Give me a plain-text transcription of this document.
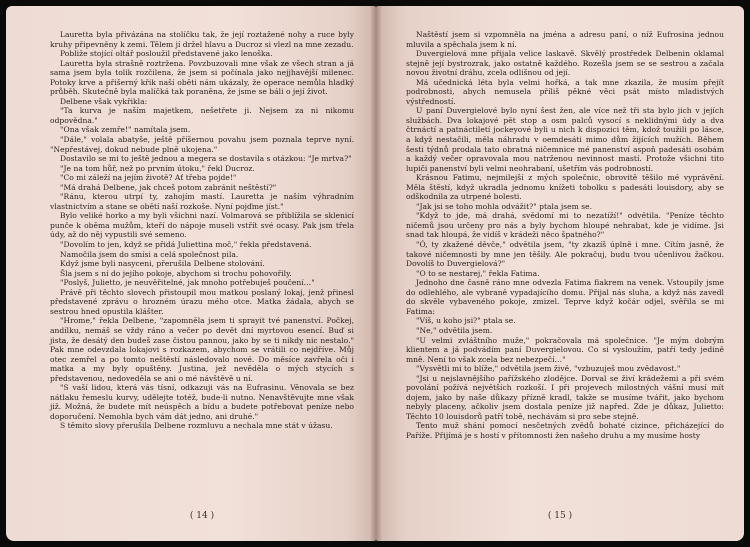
Lauretta byla přivázána na stolíčku tak, že její roztažené nohy a ruce byly kruhy připevněny k zemi. Tělem jí držel hlavu a Ducroz si vlezl na mne zezadu.

Pobliže stojící oltář posloužil představené jako lenoška.

Lauretta byla strašně roztržena. Povzbuzovali mne však ze všech stran a já sama jsem byla tolik rozčilena, že jsem si počínala jako nejjhavější milenec. Potoky krve a přišerný křik naší oběti nám ukázaly, že operace nemůla hladký průběh. Skutečně byla malíčká tak poraněna, že jsme se báli o její život.

Delbene však vykřikla:

"Ta kurva je naším majetkem, nešetřete ji. Nejsem za ni nikomu odpovědna."

"Ona však zemře!" namítala jsem.

"Dále," volala abatyše, ještě příšernou povahu jsem poznala teprve nyní. "Nepřestávej, dokud nebude plně ukojena."

Dostavilo se mi to ještě jednou a megera se dostavila s otázkou: "Je mrtva?"

"Je na tom hůř, než po prvním útoku," řekl Ducroz.

"Co mi záleží na jejím životě? Ať třeba pojde!"

"Má drahá Delbene, jak chceš potom zabránit neštěstí?"

"Ránu, kterou utrpí ty, zahojím mastí. Lauretta je naším výhradním vlastnictvím a stane se obětí naší rozkoše. Nyní pojďme jíst."

Bylo veliké horko a my byli všichni nazí. Volmarová se přiblížila se sklenicí punče k oběma mužům, kteří do nápoje museli vstřít své ocasy. Pak jsm třela údy, až do něj vypustili své semeno.

"Dovolím to jen, když se přidá Juliettina moč," řekla představená.

Namočila jsem do smísi a celá společnost pila.

Když jsme byli nasyceni, přerušila Delbene stolování.

Šla jsem s ní do jejího pokoje, abychom si trochu pohovořily.

"Poslyš, Julietto, je neuvěřitelné, jak mnoho potřebuješ poučení…"

Právě při těchto slovech přistoupil mou matkou poslaný lokaj, jenž přinesl představené zprávu o hrozném úrazu mého otce. Matka žádala, abych se sestrou hned opustila klášter.

"Hrome," řekla Delbene, "zapomněla jsem ti sprayit tvé panenství. Počkej, andílku, nemáš se vždy ráno a večer po devět dní myrtovou esencí. Buď si jista, že desátý den budeš zase čistou pannou, jako by se ti nikdy nic nestalo." Pak mne odevzdala lokajovi s rozkazem, abychom se vrátili co nejdříve. Můj otec zemřel a po tomto neštěstí následovalo nové. Do měsíce zavřela oči i matka a my byly opuštěny. Justina, jež nevěděla o mých stycích s představenou, nedoveděla se ani o mé návštěvě u ní.

"S vaší lidou, která vás tísní, odkazuji vás na Eufrasinu. Věnovala se bez nátlaku řemeslu kurvy, udělejte totéž, bude-li nutno. Nenavštěvujte mne však již. Možná, že budete mít neúspěch a bídu a budete potřebovat peníze nebo doporučení. Nemohla bych vám dát jedno, ani druhé."

S těmito slovy přerušila Delbene rozmluvu a nechala mne stát v úžasu.

( 14 )

Naštěstí jsem si vzpomněla na jména a adresu paní, o níž Eufrosina jednou mluvila a spěchala jsem k ní.

Duvergielová mne přijala velice laskavě. Skvělý prostředek Delbenin oklamal stejně její bystrozrak, jako ostatně každého. Rozešla jsem se se sestrou a začala novou životní dráhu, zcela odlišnou od její.

Má učednická léta byla velmi hořká, a tak mne zkazila, že musím přejít podrobnosti, abych nemusela příliš pěkné věci psát místo mladistvých výstředností.

U paní Duvergielové bylo nyní šest žen, ale více než tři sta bylo jich v jejích službách. Dva lokajové pět stop a osm palců vysocí s neklidnými údy a dva čtrnáctí a patnáctiletí jockeyové byli u nich k dispozici těm, kdož toužili po lásce, a když nestačili, měla náhradu v oemdesáti mimo dům žijících mužích. Během šesti týdnů prodala tato obratná ničemnice mé panenství aspoň padesáti osobám a každý večer opravovala mou natrženou nevinnost mastí. Protože všichni tito lupiči panenství byli velmi neohrabaní, ušetřím vás podrobností.

Krásnou Fatimu, nejmilejší z mých společnic, obrovitě těšilo mé vyprávění. Měla štěstí, když ukradla jednomu knížeti tobolku s padesáti louisdory, aby se odškodnila za utrpené bolesti.

"Jak jsi se toho mohla odvážit?" ptala jsem se.

"Když to jde, má drahá, svědomí mi to nezatíží!" odvětila. "Peníze těchto ničemů jsou určeny pro nás a byly bychom hloupé nehrabat, kde je vidíme. Jsi snad tak hloupá, že vidíš v krádeži něco špatného?"

"Ó, ty zkažené děvče," odvětila jsem, "ty zkazíš úplně i mne. Cítím jasně, že takové ničemnosti by mne jen těšily. Ale pokračuj, budu tvou učenlivou žačkou. Dovolíš to Duvergielová?"

"O to se nestarej," řekla Fatima.

Jednoho dne časně ráno mne odvezla Fatima fiakrem na venek. Vstoupily jsme do odlehlého, ale vybraně vypadajícího domu. Přijal nás sluha, a když nás zavedl do skvěle vybaveného pokoje, zmizel. Teprve když kočár odjel, svěřila se mi Fatima:

"Víš, u koho jsi?" ptala se.

"Ne," odvětila jsem.

"U velmi zvláštního muže," pokračovala má společnice. "Je mým dobrým klientem a já podvádím paní Duvergielovou. Co si vysloužím, patří tedy jedině mně. Není to však zcela bez nebezpečí…"

"Vysvětli mi to blíže," odvětila jsem živě, "vzbuzuješ mou zvědavost."

"Jsi u nejslavnějšího pařížského zlodějce. Dorval se živí krádežemi a při svém povolání požívá největších rozkoší. I při projevech milostných vášní musí mít dojem, jako by naše důkazy přízně kradl, takže se musíme tvářit, jako bychom nebyly placeny, ačkoliv jsem dostala peníze již napřed. Zde je důkaz, Julietto: Těchto 10 louisdorů patří tobě, nechávám si pro sebe stejně.

Tento muž shání pomocí nesčetných zvědů bohaté cizince, přicházející do Paříže. Přijímá je s hostí v přítomnosti žen našeho druhu a my musíme hosty

( 15 )
